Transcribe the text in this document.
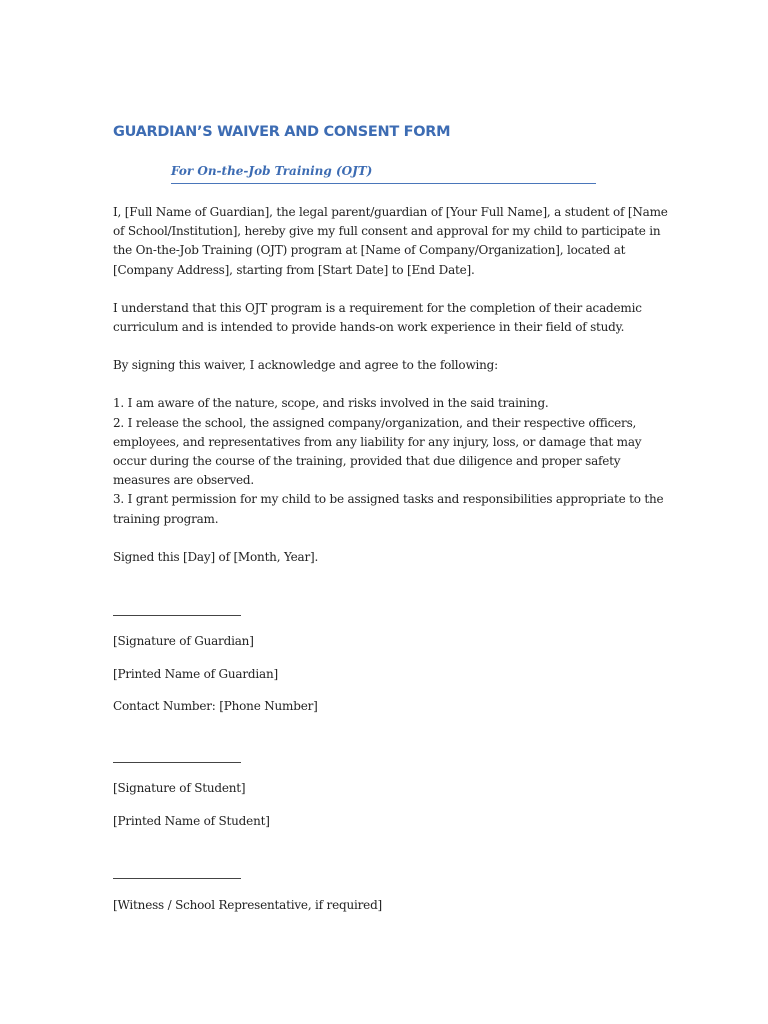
GUARDIAN’S WAIVER AND CONSENT FORM
For On-the-Job Training (OJT)

I, [Full Name of Guardian], the legal parent/guardian of [Your Full Name], a student of [Name of School/Institution], hereby give my full consent and approval for my child to participate in the On-the-Job Training (OJT) program at [Name of Company/Organization], located at [Company Address], starting from [Start Date] to [End Date].

I understand that this OJT program is a requirement for the completion of their academic curriculum and is intended to provide hands-on work experience in their field of study.

By signing this waiver, I acknowledge and agree to the following:

1. I am aware of the nature, scope, and risks involved in the said training.
2. I release the school, the assigned company/organization, and their respective officers, employees, and representatives from any liability for any injury, loss, or damage that may occur during the course of the training, provided that due diligence and proper safety measures are observed.
3. I grant permission for my child to be assigned tasks and responsibilities appropriate to the training program.

Signed this [Day] of [Month, Year].

[Signature of Guardian]
[Printed Name of Guardian]
Contact Number: [Phone Number]
[Signature of Student]
[Printed Name of Student]
[Witness / School Representative, if required]
